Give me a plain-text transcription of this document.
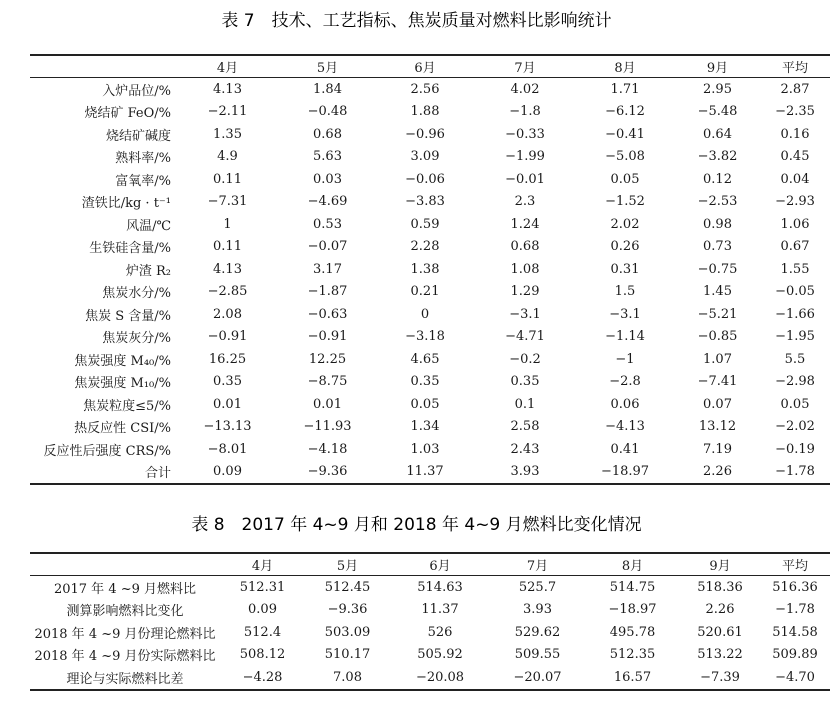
表 7　技术、工艺指标、焦炭质量对燃料比影响统计
	4月	5月	6月	7月	8月	9月	平均
入炉品位/%	4.13	1.84	2.56	4.02	1.71	2.95	2.87
烧结矿 FeO/%	−2.11	−0.48	1.88	−1.8	−6.12	−5.48	−2.35
烧结矿碱度	1.35	0.68	−0.96	−0.33	−0.41	0.64	0.16
熟料率/%	4.9	5.63	3.09	−1.99	−5.08	−3.82	0.45
富氧率/%	0.11	0.03	−0.06	−0.01	0.05	0.12	0.04
渣铁比/kg · t⁻¹	−7.31	−4.69	−3.83	2.3	−1.52	−2.53	−2.93
风温/℃	1	0.53	0.59	1.24	2.02	0.98	1.06
生铁硅含量/%	0.11	−0.07	2.28	0.68	0.26	0.73	0.67
炉渣 R₂	4.13	3.17	1.38	1.08	0.31	−0.75	1.55
焦炭水分/%	−2.85	−1.87	0.21	1.29	1.5	1.45	−0.05
焦炭 S 含量/%	2.08	−0.63	0	−3.1	−3.1	−5.21	−1.66
焦炭灰分/%	−0.91	−0.91	−3.18	−4.71	−1.14	−0.85	−1.95
焦炭强度 M₄₀/%	16.25	12.25	4.65	−0.2	−1	1.07	5.5
焦炭强度 M₁₀/%	0.35	−8.75	0.35	0.35	−2.8	−7.41	−2.98
焦炭粒度≤5/%	0.01	0.01	0.05	0.1	0.06	0.07	0.05
热反应性 CSI/%	−13.13	−11.93	1.34	2.58	−4.13	13.12	−2.02
反应性后强度 CRS/%	−8.01	−4.18	1.03	2.43	0.41	7.19	−0.19
合计	0.09	−9.36	11.37	3.93	−18.97	2.26	−1.78
表 8　2017 年 4~9 月和 2018 年 4~9 月燃料比变化情况
	4月	5月	6月	7月	8月	9月	平均
2017 年 4 ~9 月燃料比	512.31	512.45	514.63	525.7	514.75	518.36	516.36
测算影响燃料比变化	0.09	−9.36	11.37	3.93	−18.97	2.26	−1.78
2018 年 4 ~9 月份理论燃料比	512.4	503.09	526	529.62	495.78	520.61	514.58
2018 年 4 ~9 月份实际燃料比	508.12	510.17	505.92	509.55	512.35	513.22	509.89
理论与实际燃料比差	−4.28	7.08	−20.08	−20.07	16.57	−7.39	−4.70
